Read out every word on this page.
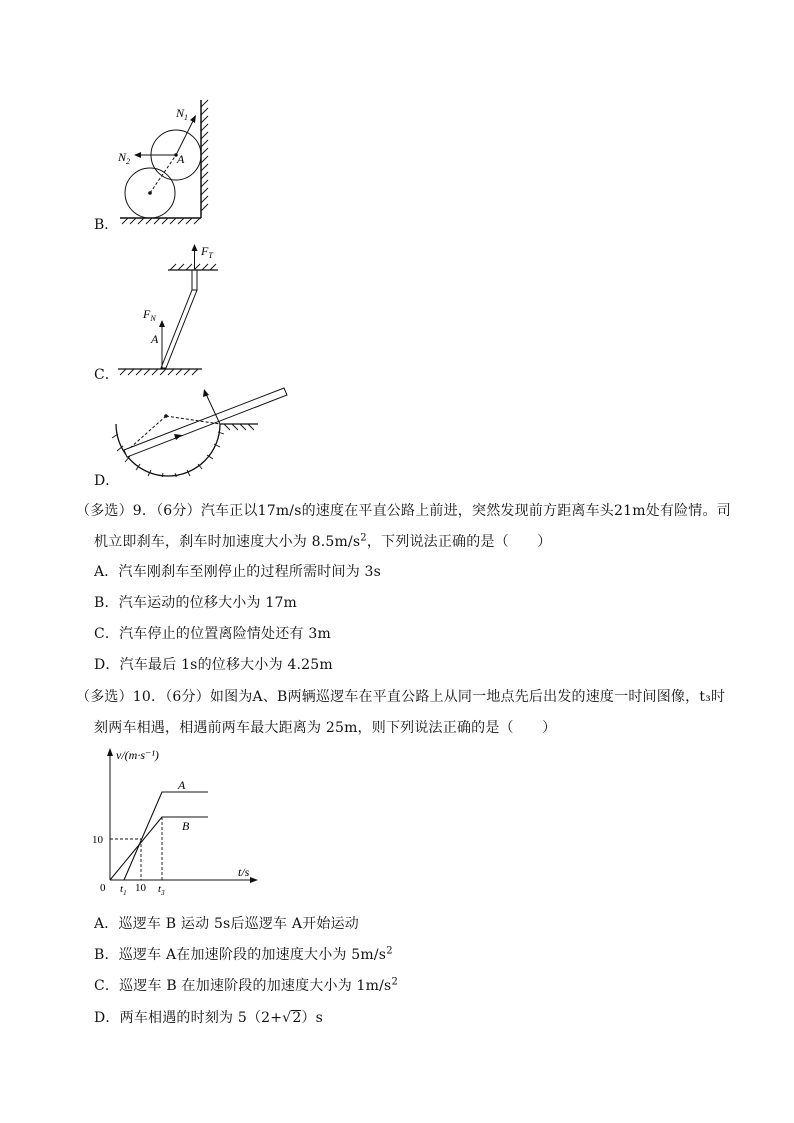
$N_1$
$N_2$	A
B．
$F_T$
$F_N$
A
C．
D．
（多选）9．（6分）汽车正以17m/s的速度在平直公路上前进，突然发现前方距离车头21m处有险情。司
机立即刹车，刹车时加速度大小为 $8.5m/s^2$，下列说法正确的是（　　）
A．汽车刚刹车至刚停止的过程所需时间为 3s
B．汽车运动的位移大小为 17m
C．汽车停止的位置离险情处还有 3m
D．汽车最后 1s的位移大小为 4.25m
（多选）10．（6分）如图为A、B两辆巡逻车在平直公路上从同一地点先后出发的速度一时间图像，t₃时
刻两车相遇，相遇前两车最大距离为 25m，则下列说法正确的是（　　）
v/(m·s⁻¹)
t/s
0
10
$t_1$ 10 $t_3$
A
B
A．巡逻车 B 运动 5s后巡逻车 A开始运动
B．巡逻车 A在加速阶段的加速度大小为 $5m/s^2$
C．巡逻车 B 在加速阶段的加速度大小为 $1m/s^2$
D．两车相遇的时刻为 5（2+√2）s
